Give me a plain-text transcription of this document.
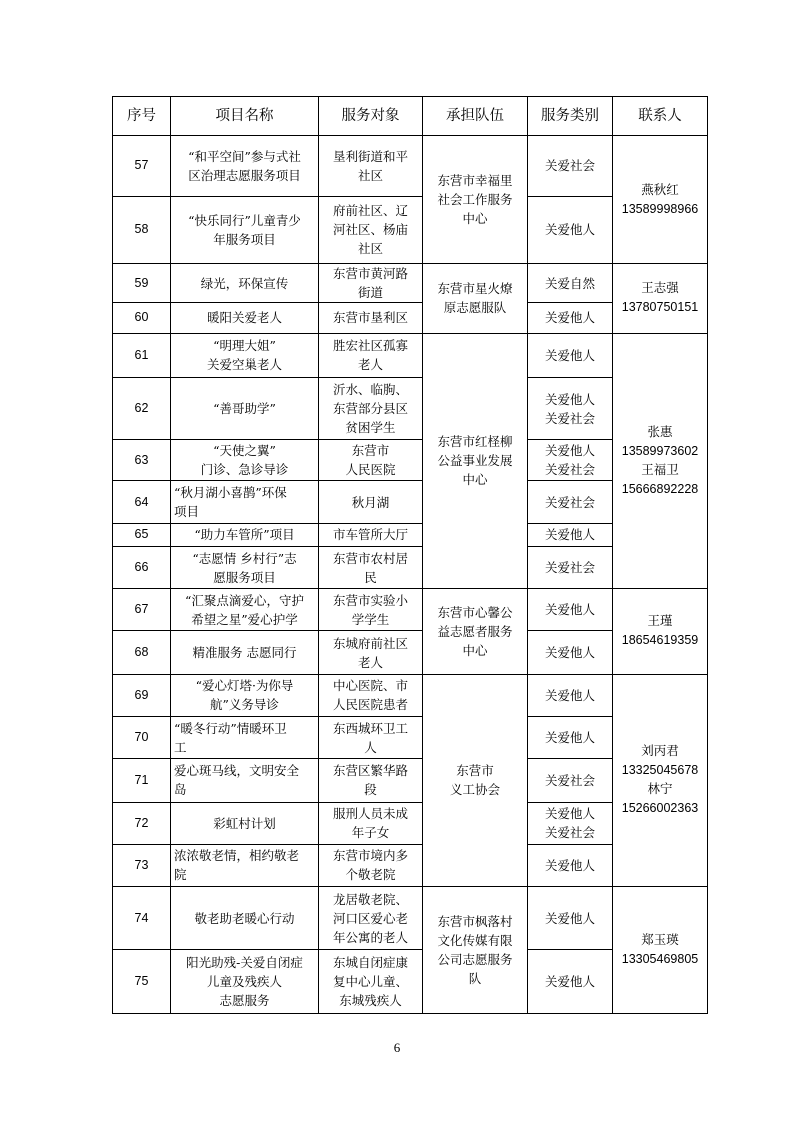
序号	项目名称	服务对象	承担队伍	服务类别	联系人
57	“和平空间”参与式社
区治理志愿服务项目	垦利街道和平
社区	东营市幸福里
社会工作服务
中心	关爱社会	燕秋红
13589998966

58	“快乐同行”儿童青少
年服务项目	府前社区、辽
河社区、杨庙
社区		关爱他人	

59	绿光，环保宣传	东营市黄河路
街道	东营市星火燎
原志愿服队	关爱自然	王志强
13780750151

60	暖阳关爱老人	东营市垦利区		关爱他人	

61	“明理大姐”
关爱空巢老人	胜宏社区孤寡
老人	东营市红柽柳
公益事业发展
中心	关爱他人	张惠
13589973602
王福卫
15666892228

62	“善哥助学”	沂水、临朐、
东营部分县区
贫困学生		关爱他人
关爱社会	

63	“天使之翼”
门诊、急诊导诊	东营市
人民医院		关爱他人
关爱社会	

64	“秋月湖小喜鹊”环保
项目	秋月湖		关爱社会	

65	“助力车管所”项目	市车管所大厅		关爱他人	

66	“志愿情 乡村行”志
愿服务项目	东营市农村居
民		关爱社会	

67	“汇聚点滴爱心，守护
希望之星”爱心护学	东营市实验小
学学生	东营市心馨公
益志愿者服务
中心	关爱他人	王瑾
18654619359

68	精准服务 志愿同行	东城府前社区
老人		关爱他人	

69	“爱心灯塔·为你导
航”义务导诊	中心医院、市
人民医院患者	东营市
义工协会	关爱他人	刘丙君
13325045678
林宁
15266002363

70	“暖冬行动”情暖环卫
工	东西城环卫工
人		关爱他人	

71	爱心斑马线，文明安全
岛	东营区繁华路
段		关爱社会	

72	彩虹村计划	服刑人员未成
年子女		关爱他人
关爱社会	

73	浓浓敬老情，相约敬老
院	东营市境内多
个敬老院		关爱他人	

74	敬老助老暖心行动	龙居敬老院、
河口区爱心老
年公寓的老人	东营市枫落村
文化传媒有限
公司志愿服务
队	关爱他人	郑玉瑛
13305469805

75	阳光助残-关爱自闭症
儿童及残疾人
志愿服务	东城自闭症康
复中心儿童、
东城残疾人		关爱他人	
6
